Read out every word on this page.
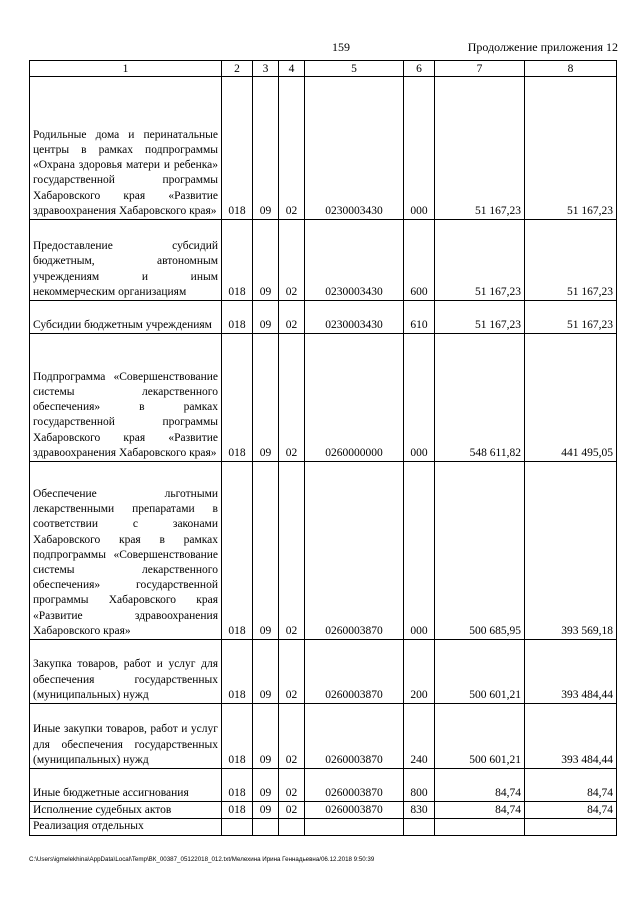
159	Продолжение приложения 12
1	2	3	4	5	6	7	8
Родильные дома и перинатальные центры в рамках подпрограммы «Охрана здоровья матери и ребенка» государственной программы Хабаровского края «Развитие здравоохранения Хабаровского края»	018	09	02	0230003430	000	51 167,23	51 167,23
Предоставление субсидий бюджетным, автономным учреждениям и иным некоммерческим организациям	018	09	02	0230003430	600	51 167,23	51 167,23
Субсидии бюджетным учреждениям	018	09	02	0230003430	610	51 167,23	51 167,23
Подпрограмма «Совершенствование системы лекарственного обеспечения» в рамках государственной программы Хабаровского края «Развитие здравоохранения Хабаровского края»	018	09	02	0260000000	000	548 611,82	441 495,05
Обеспечение льготными лекарственными препаратами в соответствии с законами Хабаровского края в рамках подпрограммы «Совершенствование системы лекарственного обеспечения» государственной программы Хабаровского края «Развитие здравоохранения Хабаровского края»	018	09	02	0260003870	000	500 685,95	393 569,18
Закупка товаров, работ и услуг для обеспечения государственных (муниципальных) нужд	018	09	02	0260003870	200	500 601,21	393 484,44
Иные закупки товаров, работ и услуг для обеспечения государственных (муниципальных) нужд	018	09	02	0260003870	240	500 601,21	393 484,44
Иные бюджетные ассигнования	018	09	02	0260003870	800	84,74	84,74
Исполнение судебных актов	018	09	02	0260003870	830	84,74	84,74
Реализация отдельных							
C:\Users\igmelekhina\AppData\Local\Temp\ВК_00387_05122018_012.txt/Мелехина Ирина Геннадьевна/06.12.2018 9:50:39
